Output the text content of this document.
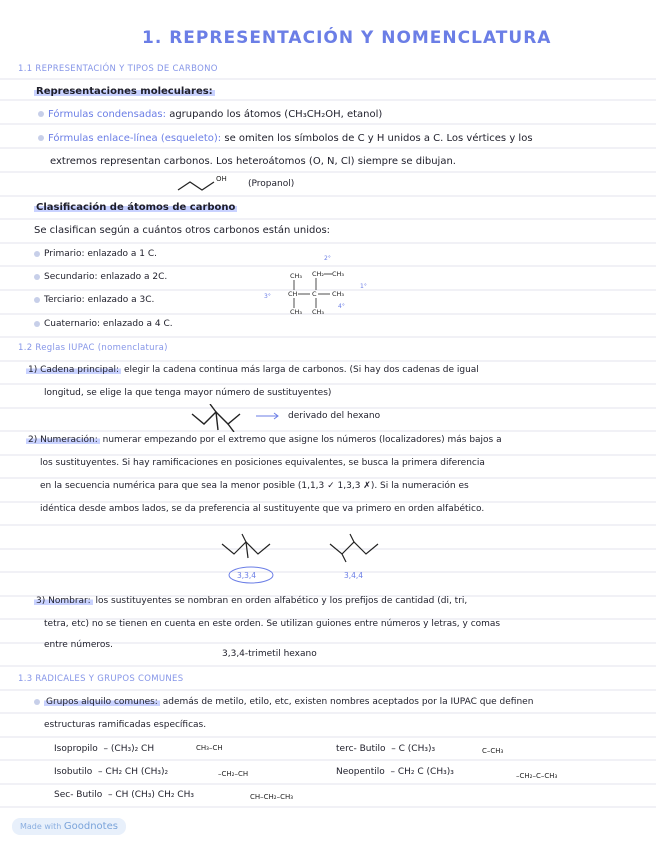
1. REPRESENTACIÓN Y NOMENCLATURA
1.1 REPRESENTACIÓN Y TIPOS DE CARBONO
Representaciones moleculares:
Fórmulas condensadas: agrupando los átomos (CH₃CH₂OH, etanol)
Fórmulas enlace-línea (esqueleto): se omiten los símbolos de C y H unidos a C. Los vértices y los
extremos representan carbonos. Los heteroátomos (O, N, Cl) siempre se dibujan.
OH (Propanol)
Clasificación de átomos de carbono
Se clasifican según a cuántos otros carbonos están unidos:
Primario: enlazado a 1 C.
Secundario: enlazado a 2C.
Terciario: enlazado a 3C.
Cuaternario: enlazado a 4 C.
CH₃ CH₂ CH₃
CH C CH₃
CH₃ CH₃
2°
3°
4°
1°
1.2 Reglas IUPAC (nomenclatura)
1) Cadena principal: elegir la cadena continua más larga de carbonos. (Si hay dos cadenas de igual
longitud, se elige la que tenga mayor número de sustituyentes)
derivado del hexano
2) Numeración: numerar empezando por el extremo que asigne los números (localizadores) más bajos a
los sustituyentes. Si hay ramificaciones en posiciones equivalentes, se busca la primera diferencia
en la secuencia numérica para que sea la menor posible (1,1,3 ✓ 1,3,3 ✗). Si la numeración es
idéntica desde ambos lados, se da preferencia al sustituyente que va primero en orden alfabético.
3,3,4	3,4,4
3) Nombrar: los sustituyentes se nombran en orden alfabético y los prefijos de cantidad (di, tri,
tetra, etc) no se tienen en cuenta en este orden. Se utilizan guiones entre números y letras, y comas
entre números.
3,3,4-trimetil hexano
1.3 RADICALES Y GRUPOS COMUNES
Grupos alquilo comunes: además de metilo, etilo, etc, existen nombres aceptados por la IUPAC que definen
estructuras ramificadas específicas.
Isopropilo – (CH₃)₂ CH
Isobutilo – CH₂ CH (CH₃)₂
Sec- Butilo – CH (CH₃) CH₂ CH₃
terc- Butilo – C (CH₃)₃
Neopentilo – CH₂ C (CH₃)₃
CH₃–CH
–CH₂–CH
CH–CH₂–CH₃
C–CH₃
–CH₂–C–CH₃
Made with Goodnotes
